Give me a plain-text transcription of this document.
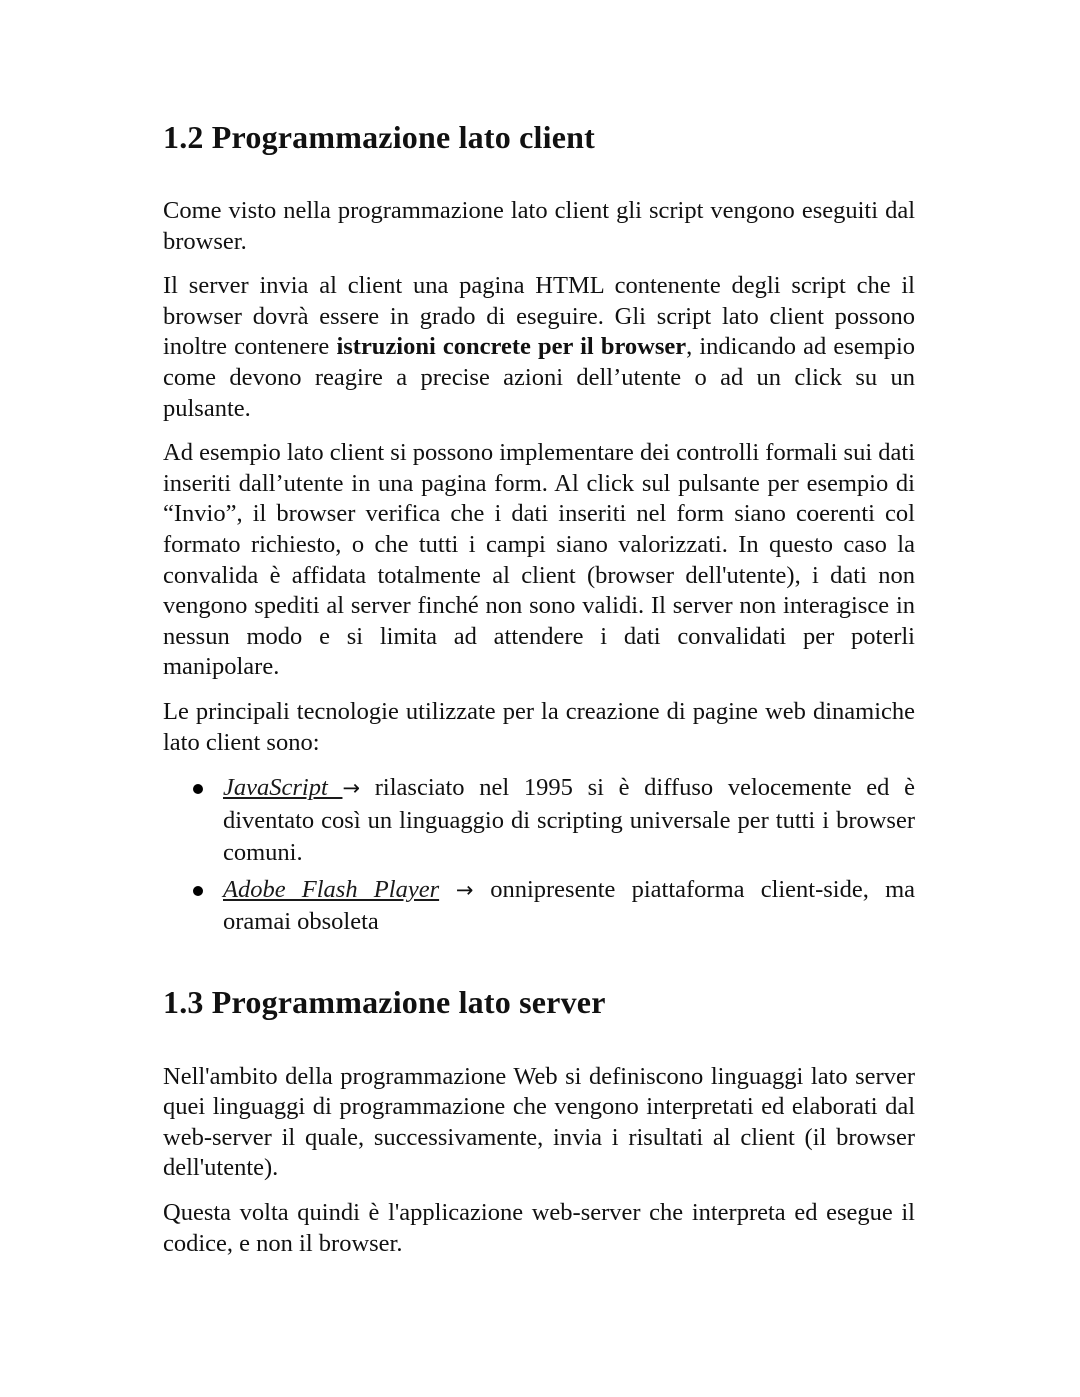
1.2 Programmazione lato client

Come visto nella programmazione lato client gli script vengono eseguiti dal browser.

Il server invia al client una pagina HTML contenente degli script che il browser dovrà essere in grado di eseguire. Gli script lato client possono inoltre contenere istruzioni concrete per il browser, indicando ad esempio come devono reagire a precise azioni dell’utente o ad un click su un pulsante.

Ad esempio lato client si possono implementare dei controlli formali sui dati inseriti dall’utente in una pagina form. Al click sul pulsante per esempio di “Invio”, il browser verifica che i dati inseriti nel form siano coerenti col formato richiesto, o che tutti i campi siano valorizzati. In questo caso la convalida è affidata totalmente al client (browser dell'utente), i dati non vengono spediti al server finché non sono validi. Il server non interagisce in nessun modo e si limita ad attendere i dati convalidati per poterli manipolare.

Le principali tecnologie utilizzate per la creazione di pagine web dinamiche lato client sono:

JavaScript → rilasciato nel 1995 si è diffuso velocemente ed è diventato così un linguaggio di scripting universale per tutti i browser comuni.
Adobe Flash Player → onnipresente piattaforma client-side, ma oramai obsoleta
1.3 Programmazione lato server

Nell'ambito della programmazione Web si definiscono linguaggi lato server quei linguaggi di programmazione che vengono interpretati ed elaborati dal web-server il quale, successivamente, invia i risultati al client (il browser dell'utente).

Questa volta quindi è l'applicazione web-server che interpreta ed esegue il codice, e non il browser.
